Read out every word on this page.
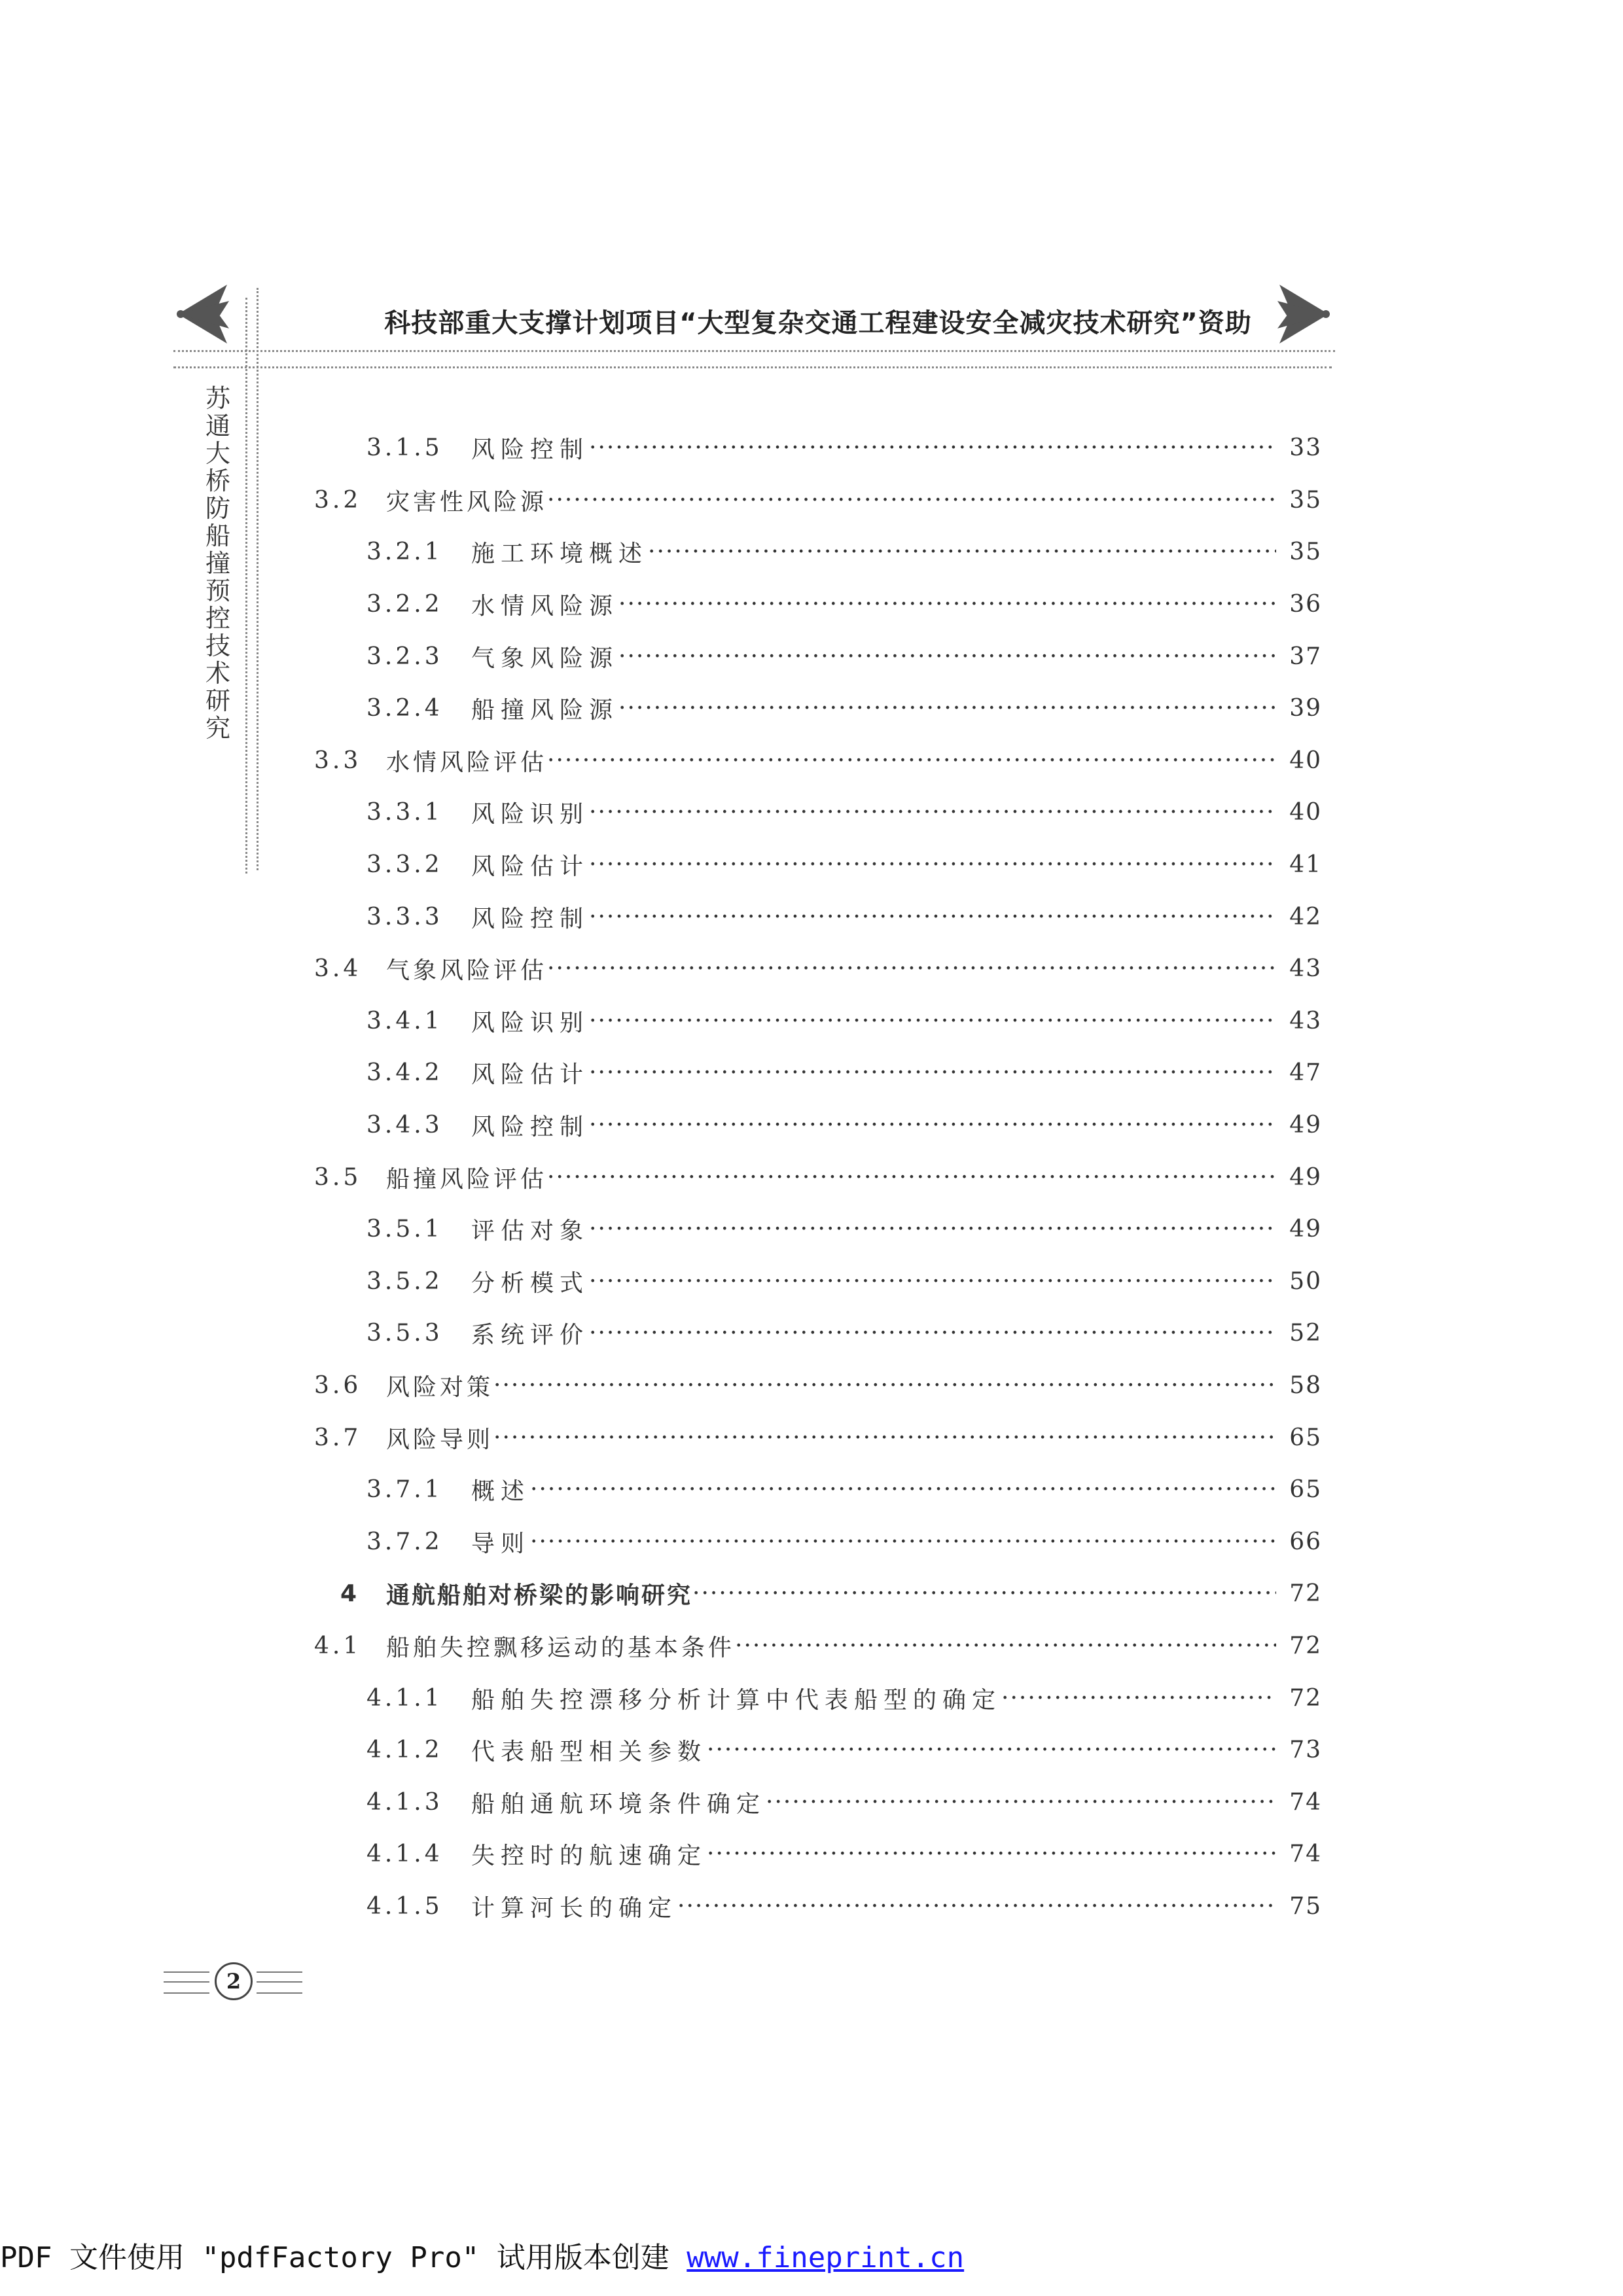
科技部重大支撑计划项目“大型复杂交通工程建设安全减灾技术研究”资助
苏通大桥防船撞预控技术研究
3.1.5	风险控制 ·····	33
3.2	灾害性风险源 ·····	35
3.2.1	施工环境概述 ·····	35
3.2.2	水情风险源 ·····	36
3.2.3	气象风险源 ·····	37
3.2.4	船撞风险源 ·····	39
3.3	水情风险评估 ·····	40
3.3.1	风险识别 ·····	40
3.3.2	风险估计 ·····	41
3.3.3	风险控制 ·····	42
3.4	气象风险评估 ·····	43
3.4.1	风险识别 ·····	43
3.4.2	风险估计 ·····	47
3.4.3	风险控制 ·····	49
3.5	船撞风险评估 ·····	49
3.5.1	评估对象 ·····	49
3.5.2	分析模式 ·····	50
3.5.3	系统评价 ·····	52
3.6	风险对策 ·····	58
3.7	风险导则 ·····	65
3.7.1	概述 ·····	65
3.7.2	导则 ·····	66
4	通航船舶对桥梁的影响研究 ·····	72
4.1	船舶失控飘移运动的基本条件 ·····	72
4.1.1	船舶失控漂移分析计算中代表船型的确定 ·····	72
4.1.2	代表船型相关参数 ·····	73
4.1.3	船舶通航环境条件确定 ·····	74
4.1.4	失控时的航速确定 ·····	74
4.1.5	计算河长的确定 ·····	75
2
PDF 文件使用 "pdfFactory Pro" 试用版本创建 www.fineprint.cn
